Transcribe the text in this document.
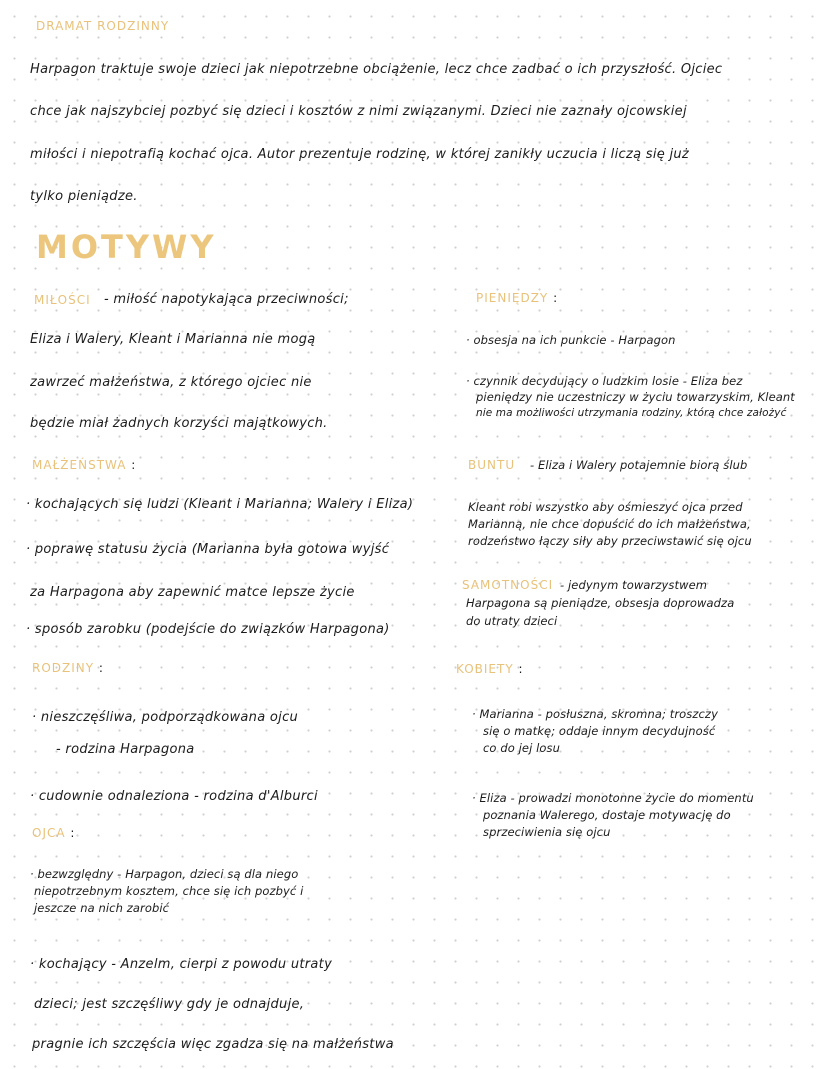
DRAMAT RODZINNY
Harpagon traktuje swoje dzieci jak niepotrzebne obciążenie, lecz chce zadbać o ich przyszłość. Ojciec
chce jak najszybciej pozbyć się dzieci i kosztów z nimi związanymi. Dzieci nie zaznały ojcowskiej
miłości i niepotrafią kochać ojca. Autor prezentuje rodzinę, w której zanikły uczucia i liczą się już
tylko pieniądze.
MOTYWY
MIŁOŚCI - miłość napotykająca przeciwności;
Eliza i Walery, Kleant i Marianna nie mogą
zawrzeć małżeństwa, z którego ojciec nie
będzie miał żadnych korzyści majątkowych.
MAŁŻEŃSTWA :
· kochających się ludzi (Kleant i Marianna; Walery i Eliza)
· poprawę statusu życia (Marianna była gotowa wyjść
za Harpagona aby zapewnić matce lepsze życie
· sposób zarobku (podejście do związków Harpagona)
RODZINY :
· nieszczęśliwa, podporządkowana ojcu
- rodzina Harpagona
· cudownie odnaleziona - rodzina d'Alburci
OJCA :
· bezwzględny - Harpagon, dzieci są dla niego
niepotrzebnym kosztem, chce się ich pozbyć i
jeszcze na nich zarobić
· kochający - Anzelm, cierpi z powodu utraty
dzieci; jest szczęśliwy gdy je odnajduje,
pragnie ich szczęścia więc zgadza się na małżeństwa
PIENIĘDZY :
· obsesja na ich punkcie - Harpagon
· czynnik decydujący o ludzkim losie - Eliza bez
pieniędzy nie uczestniczy w życiu towarzyskim, Kleant
nie ma możliwości utrzymania rodziny, którą chce założyć
BUNTU - Eliza i Walery potajemnie biorą ślub
Kleant robi wszystko aby ośmieszyć ojca przed
Marianną, nie chce dopuścić do ich małżeństwa,
rodzeństwo łączy siły aby przeciwstawić się ojcu
SAMOTNOŚCI - jedynym towarzystwem
Harpagona są pieniądze, obsesja doprowadza
do utraty dzieci
KOBIETY :
· Marianna - posłuszna, skromna; troszczy
się o matkę; oddaje innym decydujność
co do jej losu
· Eliza - prowadzi monotonne życie do momentu
poznania Walerego, dostaje motywację do
sprzeciwienia się ojcu
